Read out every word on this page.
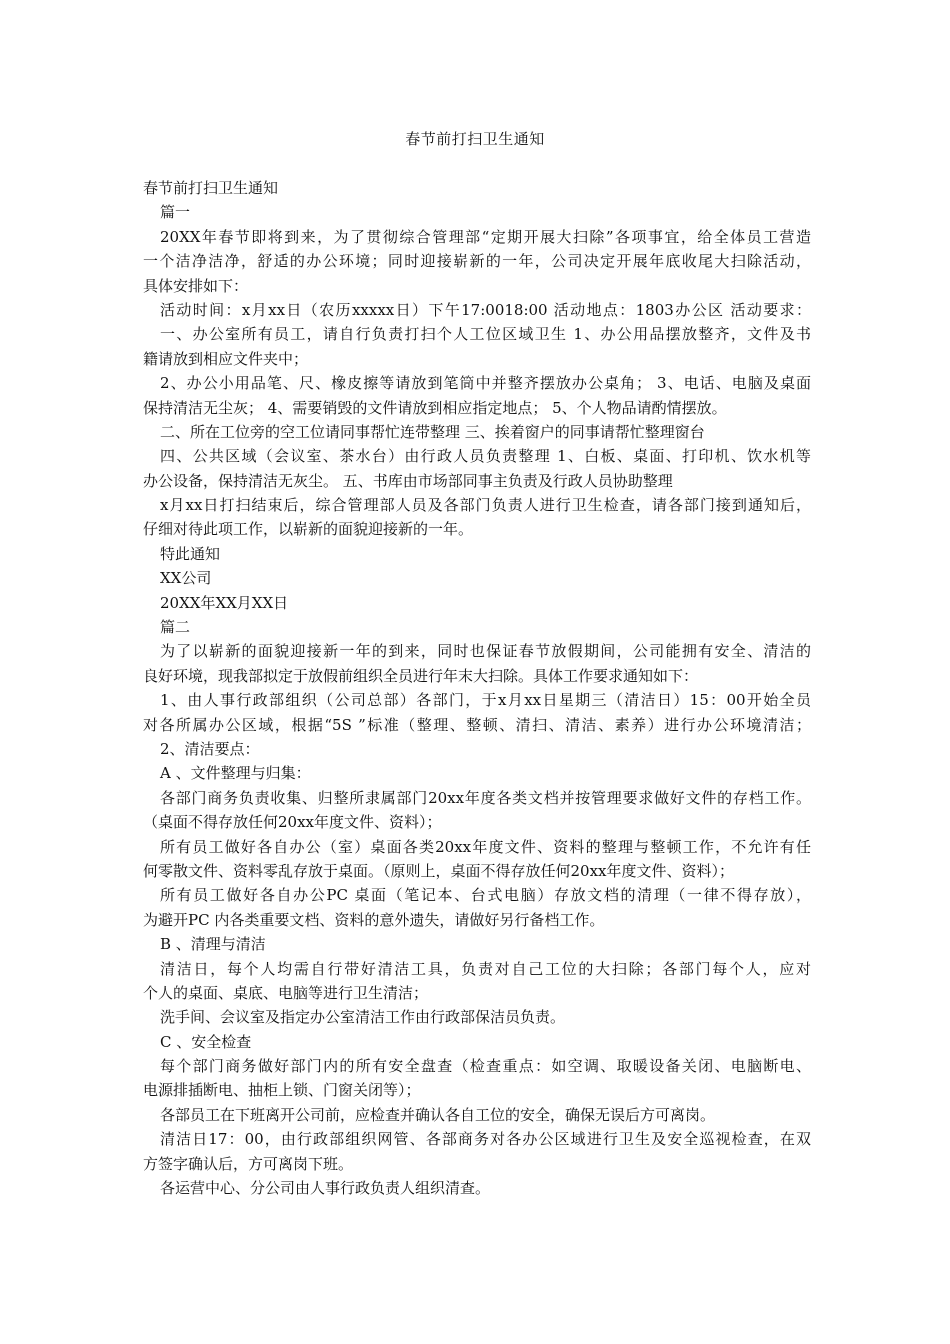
春节前打扫卫生通知
春节前打扫卫生通知
篇一
20XX年春节即将到来，为了贯彻综合管理部“定期开展大扫除”各项事宜，给全体员工营造
一个洁净洁净，舒适的办公环境；同时迎接崭新的一年，公司决定开展年底收尾大扫除活动，
具体安排如下：
活动时间：x月xx日（农历xxxxx日）下午17:0018:00 活动地点：1803办公区 活动要求：
一、办公室所有员工，请自行负责打扫个人工位区域卫生 1、办公用品摆放整齐，文件及书
籍请放到相应文件夹中；
2、办公小用品笔、尺、橡皮擦等请放到笔筒中并整齐摆放办公桌角； 3、电话、电脑及桌面
保持清洁无尘灰； 4、需要销毁的文件请放到相应指定地点； 5、个人物品请酌情摆放。
二、所在工位旁的空工位请同事帮忙连带整理 三、挨着窗户的同事请帮忙整理窗台
四、公共区域（会议室、茶水台）由行政人员负责整理 1、白板、桌面、打印机、饮水机等
办公设备，保持清洁无灰尘。 五、书库由市场部同事主负责及行政人员协助整理
x月xx日打扫结束后，综合管理部人员及各部门负责人进行卫生检查，请各部门接到通知后，
仔细对待此项工作，以崭新的面貌迎接新的一年。
特此通知
XX公司
20XX年XX月XX日
篇二
为了以崭新的面貌迎接新一年的到来，同时也保证春节放假期间，公司能拥有安全、清洁的
良好环境，现我部拟定于放假前组织全员进行年末大扫除。具体工作要求通知如下：
1、由人事行政部组织（公司总部）各部门，于x月xx日星期三（清洁日）15：00开始全员
对各所属办公区域，根据“5S ”标准（整理、整顿、清扫、清洁、素养）进行办公环境清洁；
2、清洁要点：
A 、文件整理与归集：
各部门商务负责收集、归整所隶属部门20xx年度各类文档并按管理要求做好文件的存档工作。
（桌面不得存放任何20xx年度文件、资料）；
所有员工做好各自办公（室）桌面各类20xx年度文件、资料的整理与整顿工作，不允许有任
何零散文件、资料零乱存放于桌面。（原则上，桌面不得存放任何20xx年度文件、资料）；
所有员工做好各自办公PC 桌面（笔记本、台式电脑）存放文档的清理（一律不得存放），
为避开PC 内各类重要文档、资料的意外遗失，请做好另行备档工作。
B 、清理与清洁
清洁日，每个人均需自行带好清洁工具，负责对自己工位的大扫除；各部门每个人，应对
个人的桌面、桌底、电脑等进行卫生清洁；
洗手间、会议室及指定办公室清洁工作由行政部保洁员负责。
C 、安全检查
每个部门商务做好部门内的所有安全盘查（检查重点：如空调、取暖设备关闭、电脑断电、
电源排插断电、抽柜上锁、门窗关闭等）；
各部员工在下班离开公司前，应检查并确认各自工位的安全，确保无误后方可离岗。
清洁日17：00，由行政部组织网管、各部商务对各办公区域进行卫生及安全巡视检查，在双
方签字确认后，方可离岗下班。
各运营中心、分公司由人事行政负责人组织清查。
